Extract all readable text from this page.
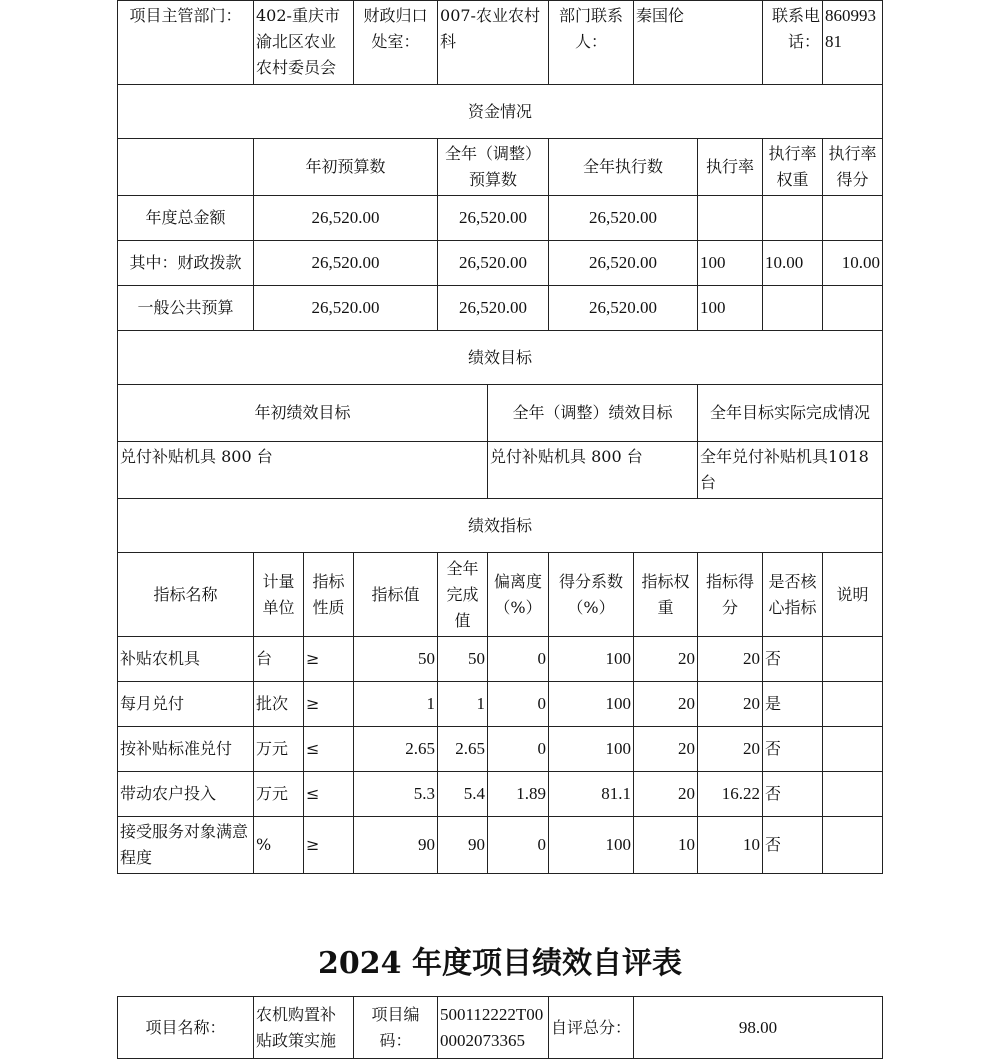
项目主管部门：	402-重庆市渝北区农业农村委员会		财政归口处室：	007-农业农村科		部门联系人：	秦国伦		联系电话：	86099381
资金情况										
	年初预算数			全年（调整）预算数		全年执行数		执行率	执行率权重	执行率得分
年度总金额	26,520.00			26,520.00		26,520.00				
其中：财政拨款	26,520.00			26,520.00		26,520.00		100	10.00	10.00
一般公共预算	26,520.00			26,520.00		26,520.00		100		
绩效目标										
年初绩效目标					全年（调整）绩效目标			全年目标实际完成情况		
兑付补贴机具 800 台					兑付补贴机具 800 台			全年兑付补贴机具1018 台		
绩效指标										
指标名称	计量单位	指标性质	指标值	全年完成值	偏离度（%）	得分系数（%）	指标权重	指标得分	是否核心指标	说明
补贴农机具	台	≥	50	50	0	100	20	20	否	
每月兑付	批次	≥	1	1	0	100	20	20	是	
按补贴标准兑付	万元	≤	2.65	2.65	0	100	20	20	否	
带动农户投入	万元	≤	5.3	5.4	1.89	81.1	20	16.22	否	
接受服务对象满意程度	%	≥	90	90	0	100	10	10	否	
2024 年度项目绩效自评表
项目名称：	农机购置补贴政策实施	项目编码：	500112222T000002073365	自评总分：	98.00
